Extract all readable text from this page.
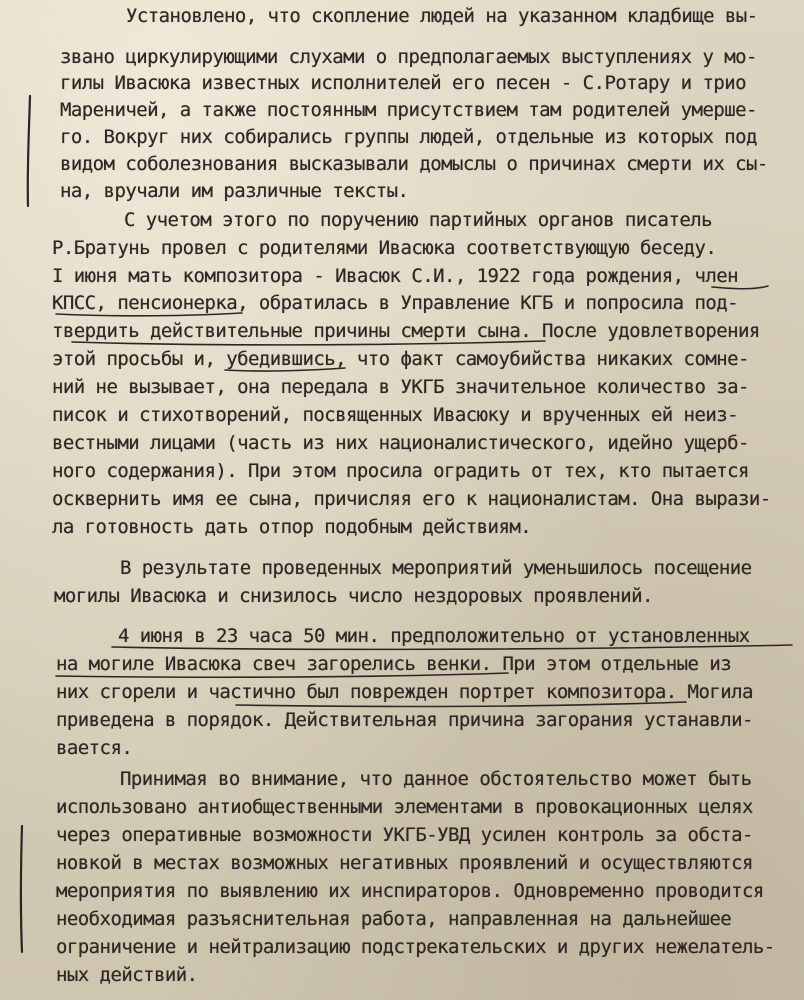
Установлено, что скопление людей на указанном кладбище вы-
звано циркулирующими слухами о предполагаемых выступлениях у мо-
гилы Ивасюка известных исполнителей его песен - С.Ротару и трио
Мареничей, а также постоянным присутствием там родителей умерше-
го. Вокруг них собирались группы людей, отдельные из которых под
видом соболезнования высказывали домыслы о причинах смерти их сы-
на, вручали им различные тексты.
С учетом этого по поручению партийных органов писатель
Р.Братунь провел с родителями Ивасюка соответствующую беседу.
I июня мать композитора - Ивасюк С.И., 1922 года рождения, член
КПСС, пенсионерка, обратилась в Управление КГБ и попросила под-
твердить действительные причины смерти сына. После удовлетворения
этой просьбы и, убедившись, что факт самоубийства никаких сомне-
ний не вызывает, она передала в УКГБ значительное количество за-
писок и стихотворений, посвященных Ивасюку и врученных ей неиз-
вестными лицами (часть из них националистического, идейно ущерб-
ного содержания). При этом просила оградить от тех, кто пытается
осквернить имя ее сына, причисляя его к националистам. Она вырази-
ла готовность дать отпор подобным действиям.
В результате проведенных мероприятий уменьшилось посещение
могилы Ивасюка и снизилось число нездоровых проявлений.
4 июня в 23 часа 50 мин. предположительно от установленных
на могиле Ивасюка свеч загорелись венки. При этом отдельные из
них сгорели и частично был поврежден портрет композитора. Могила
приведена в порядок. Действительная причина загорания устанавли-
вается.
Принимая во внимание, что данное обстоятельство может быть
использовано антиобщественными элементами в провокационных целях
через оперативные возможности УКГБ-УВД усилен контроль за обста-
новкой в местах возможных негативных проявлений и осуществляются
мероприятия по выявлению их инспираторов. Одновременно проводится
необходимая разъяснительная работа, направленная на дальнейшее
ограничение и нейтрализацию подстрекательских и других нежелатель-
ных действий.
